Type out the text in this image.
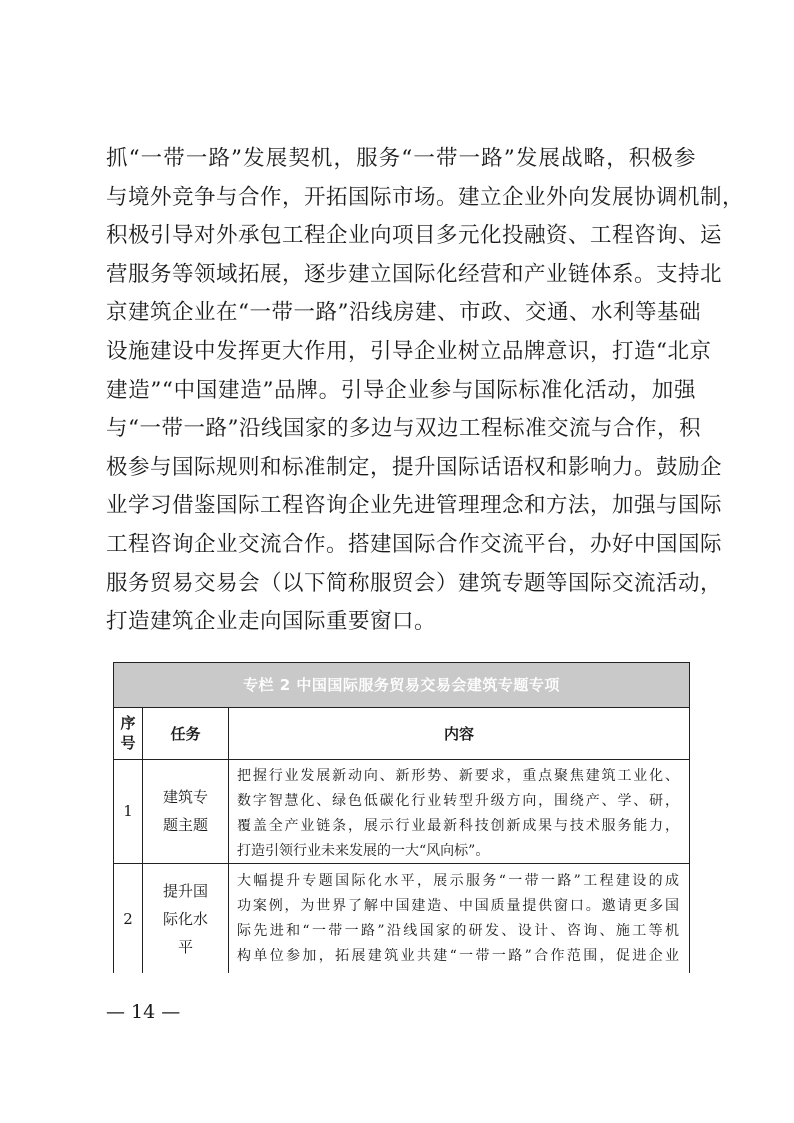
抓“一带一路”发展契机，服务“一带一路”发展战略，积极参
与境外竞争与合作，开拓国际市场。建立企业外向发展协调机制，
积极引导对外承包工程企业向项目多元化投融资、工程咨询、运
营服务等领域拓展，逐步建立国际化经营和产业链体系。支持北
京建筑企业在“一带一路”沿线房建、市政、交通、水利等基础
设施建设中发挥更大作用，引导企业树立品牌意识，打造“北京
建造”“中国建造”品牌。引导企业参与国际标准化活动，加强
与“一带一路”沿线国家的多边与双边工程标准交流与合作，积
极参与国际规则和标准制定，提升国际话语权和影响力。鼓励企
业学习借鉴国际工程咨询企业先进管理理念和方法，加强与国际
工程咨询企业交流合作。搭建国际合作交流平台，办好中国国际
服务贸易交易会（以下简称服贸会）建筑专题等国际交流活动，
打造建筑企业走向国际重要窗口。
专栏 2 中国国际服务贸易交易会建筑专题专项
序号
任务	内容
1
建筑专题主题
把握行业发展新动向、新形势、新要求，重点聚焦建筑工业化、
数字智慧化、绿色低碳化行业转型升级方向，围绕产、学、研，
覆盖全产业链条，展示行业最新科技创新成果与技术服务能力，
打造引领行业未来发展的一大“风向标”。
2
提升国际化水平
大幅提升专题国际化水平，展示服务“一带一路”工程建设的成
功案例，为世界了解中国建造、中国质量提供窗口。邀请更多国
际先进和“一带一路”沿线国家的研发、设计、咨询、施工等机
构单位参加，拓展建筑业共建“一带一路”合作范围，促进企业
— 14 —
